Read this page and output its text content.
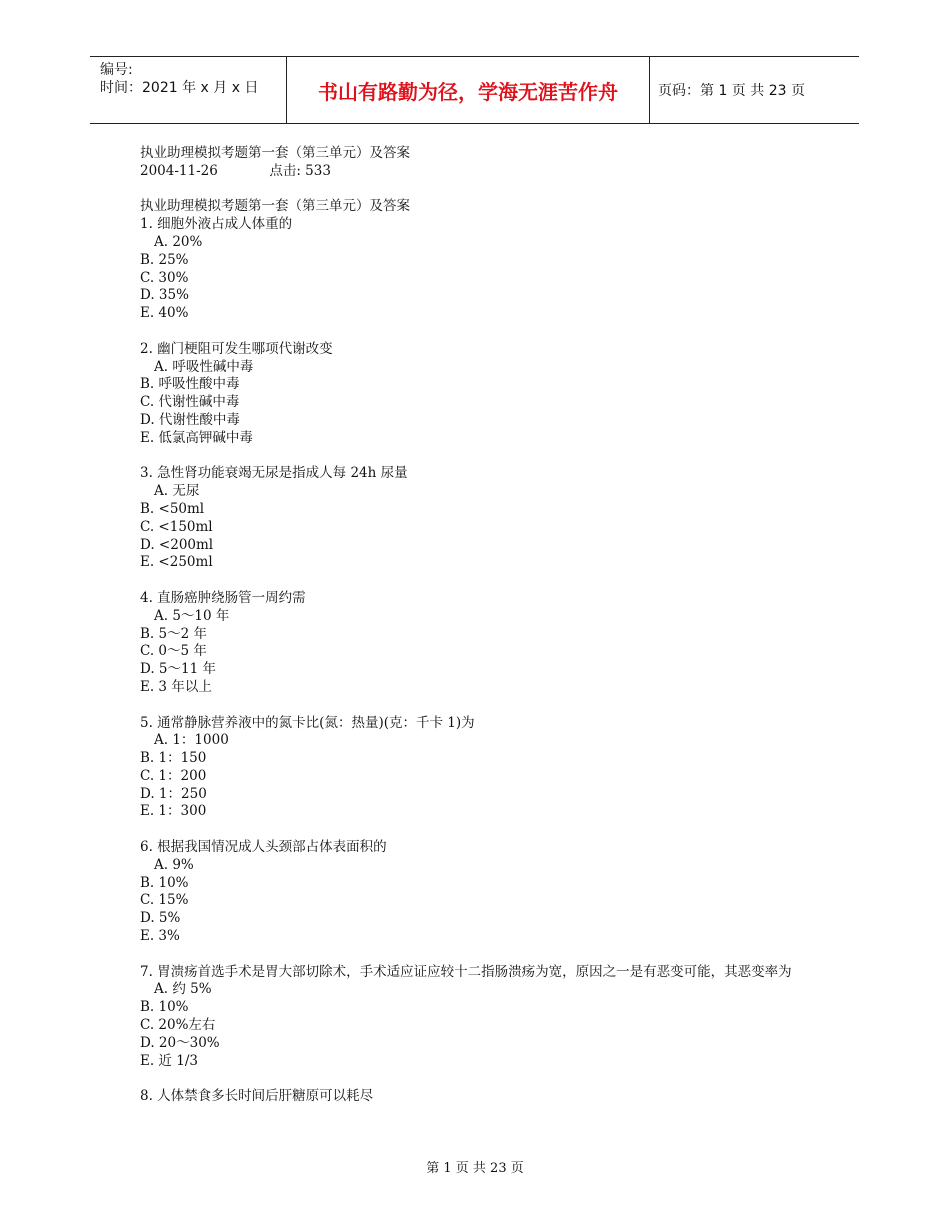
编号:
时间：2021 年 x 月 x 日	书山有路勤为径，学海无涯苦作舟	页码：第 1 页 共 23 页
执业助理模拟考题第一套（第三单元）及答案
2004-11-26	点击: 533
执业助理模拟考题第一套（第三单元）及答案
1. 细胞外液占成人体重的
A. 20%
B. 25%
C. 30%
D. 35%
E. 40%
2. 幽门梗阻可发生哪项代谢改变
A. 呼吸性碱中毒
B. 呼吸性酸中毒
C. 代谢性碱中毒
D. 代谢性酸中毒
E. 低氯高钾碱中毒
3. 急性肾功能衰竭无尿是指成人每 24h 尿量
A. 无尿
B. <50ml
C. <150ml
D. <200ml
E. <250ml
4. 直肠癌肿绕肠管一周约需
A. 5～10 年
B. 5～2 年
C. 0～5 年
D. 5～11 年
E. 3 年以上
5. 通常静脉营养液中的氮卡比(氮：热量)(克：千卡 1)为
A. 1：1000
B. 1：150
C. 1：200
D. 1：250
E. 1：300
6. 根据我国情况成人头颈部占体表面积的
A. 9%
B. 10%
C. 15%
D. 5%
E. 3%
7. 胃溃疡首选手术是胃大部切除术，手术适应证应较十二指肠溃疡为宽，原因之一是有恶变可能，其恶变率为
A. 约 5%
B. 10%
C. 20%左右
D. 20～30%
E. 近 1/3
8. 人体禁食多长时间后肝糖原可以耗尽
第 1 页 共 23 页
